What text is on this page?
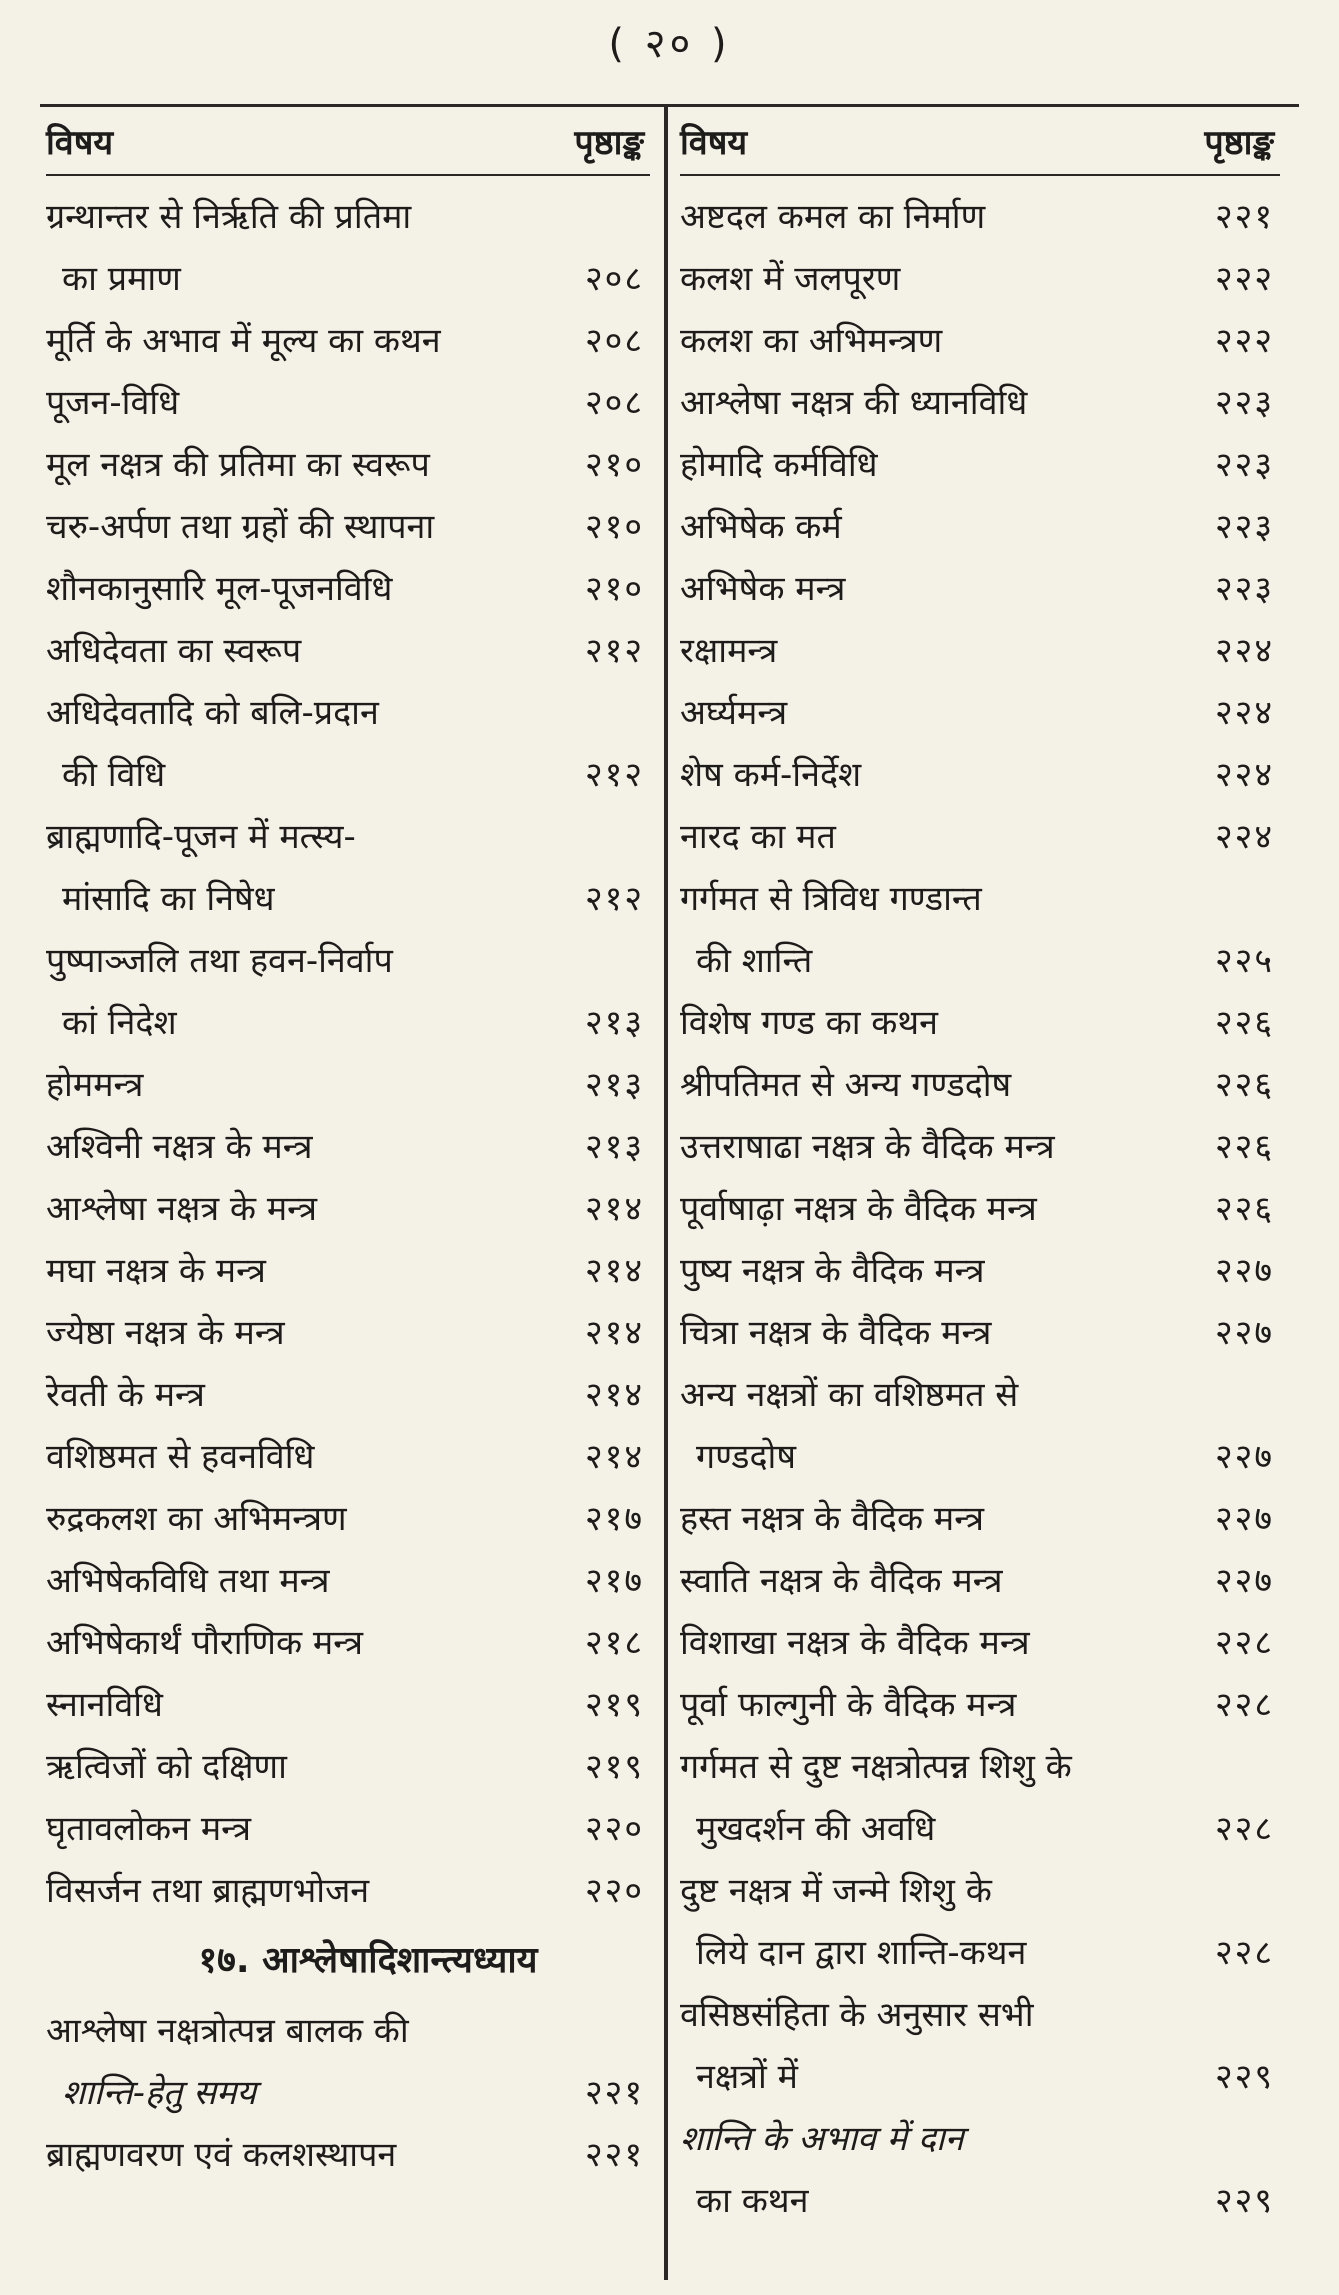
( २० )
विषय	पृष्ठाङ्क
ग्रन्थान्तर से निर्ऋति की प्रतिमा
का प्रमाण	२०८
मूर्ति के अभाव में मूल्य का कथन	२०८
पूजन-विधि	२०८
मूल नक्षत्र की प्रतिमा का स्वरूप	२१०
चरु-अर्पण तथा ग्रहों की स्थापना	२१०
शौनकानुसारि मूल-पूजनविधि	२१०
अधिदेवता का स्वरूप	२१२
अधिदेवतादि को बलि-प्रदान
की विधि	२१२
ब्राह्मणादि-पूजन में मत्स्य-
मांसादि का निषेध	२१२
पुष्पाञ्जलि तथा हवन-निर्वाप
कां निदेश	२१३
होममन्त्र	२१३
अश्विनी नक्षत्र के मन्त्र	२१३
आश्लेषा नक्षत्र के मन्त्र	२१४
मघा नक्षत्र के मन्त्र	२१४
ज्येष्ठा नक्षत्र के मन्त्र	२१४
रेवती के मन्त्र	२१४
वशिष्ठमत से हवनविधि	२१४
रुद्रकलश का अभिमन्त्रण	२१७
अभिषेकविधि तथा मन्त्र	२१७
अभिषेकार्थं पौराणिक मन्त्र	२१८
स्नानविधि	२१९
ऋत्विजों को दक्षिणा	२१९
घृतावलोकन मन्त्र	२२०
विसर्जन तथा ब्राह्मणभोजन	२२०
१७. आश्लेषादिशान्त्यध्याय
आश्लेषा नक्षत्रोत्पन्न बालक की
शान्ति-हेतु समय	२२१
ब्राह्मणवरण एवं कलशस्थापन	२२१
विषय	पृष्ठाङ्क
अष्टदल कमल का निर्माण	२२१
कलश में जलपूरण	२२२
कलश का अभिमन्त्रण	२२२
आश्लेषा नक्षत्र की ध्यानविधि	२२३
होमादि कर्मविधि	२२३
अभिषेक कर्म	२२३
अभिषेक मन्त्र	२२३
रक्षामन्त्र	२२४
अर्घ्यमन्त्र	२२४
शेष कर्म-निर्देश	२२४
नारद का मत	२२४
गर्गमत से त्रिविध गण्डान्त
की शान्ति	२२५
विशेष गण्ड का कथन	२२६
श्रीपतिमत से अन्य गण्डदोष	२२६
उत्तराषाढा नक्षत्र के वैदिक मन्त्र	२२६
पूर्वाषाढ़ा नक्षत्र के वैदिक मन्त्र	२२६
पुष्य नक्षत्र के वैदिक मन्त्र	२२७
चित्रा नक्षत्र के वैदिक मन्त्र	२२७
अन्य नक्षत्रों का वशिष्ठमत से
गण्डदोष	२२७
हस्त नक्षत्र के वैदिक मन्त्र	२२७
स्वाति नक्षत्र के वैदिक मन्त्र	२२७
विशाखा नक्षत्र के वैदिक मन्त्र	२२८
पूर्वा फाल्गुनी के वैदिक मन्त्र	२२८
गर्गमत से दुष्ट नक्षत्रोत्पन्न शिशु के
मुखदर्शन की अवधि	२२८
दुष्ट नक्षत्र में जन्मे शिशु के
लिये दान द्वारा शान्ति-कथन	२२८
वसिष्ठसंहिता के अनुसार सभी
नक्षत्रों में	२२९
शान्ति के अभाव में दान
का कथन	२२९
